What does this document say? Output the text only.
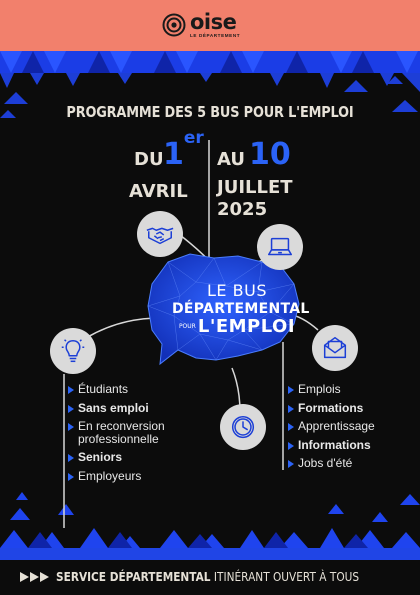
oise
LE DÉPARTEMENT
PROGRAMME DES 5 BUS POUR L'EMPLOI
DU 1er
AVRIL
AU 10
JUILLET
2025
LE BUS
DÉPARTEMENTAL
POUR L'EMPLOI
Étudiants
Sans emploi
En reconversion professionnelle
Seniors
Employeurs
Emplois
Formations
Apprentissage
Informations
Jobs d'été
SERVICE DÉPARTEMENTAL ITINÉRANT OUVERT À TOUS
